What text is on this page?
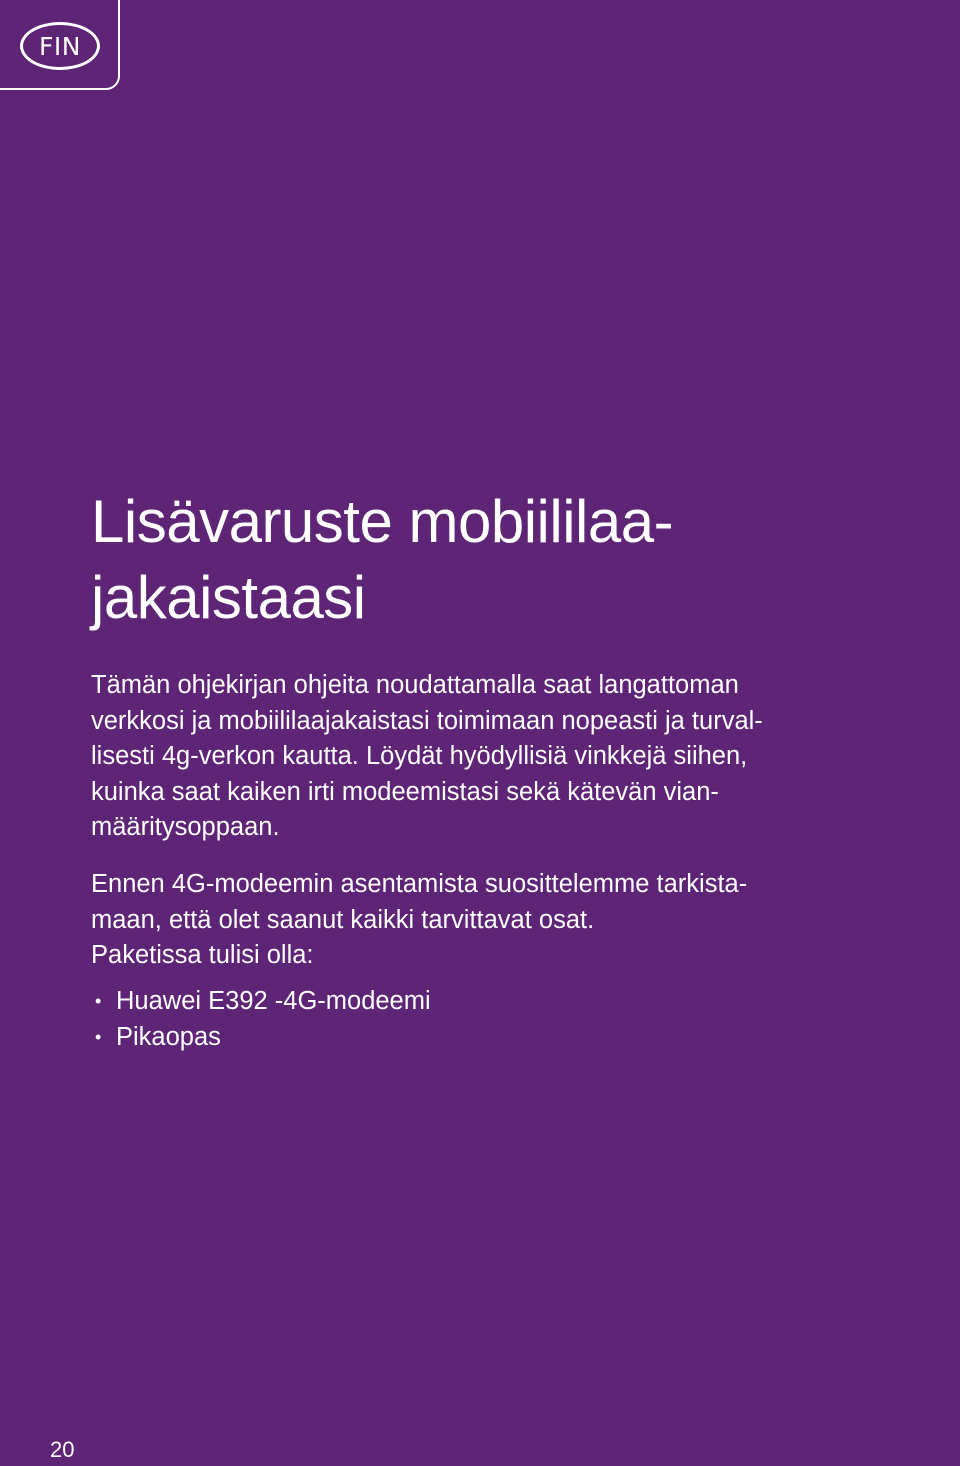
FIN
Lisävaruste mobiililaa-
jakaistaasi

Tämän ohjekirjan ohjeita noudattamalla saat langattoman
verkkosi ja mobiililaajakaistasi toimimaan nopeasti ja turval-
lisesti 4g-verkon kautta. Löydät hyödyllisiä vinkkejä siihen,
kuinka saat kaiken irti modeemistasi sekä kätevän vian-
määritysoppaan.

Ennen 4G-modeemin asentamista suosittelemme tarkista-
maan, että olet saanut kaikki tarvittavat osat.
Paketissa tulisi olla:

• Huawei E392 -4G-modeemi
• Pikaopas
20
